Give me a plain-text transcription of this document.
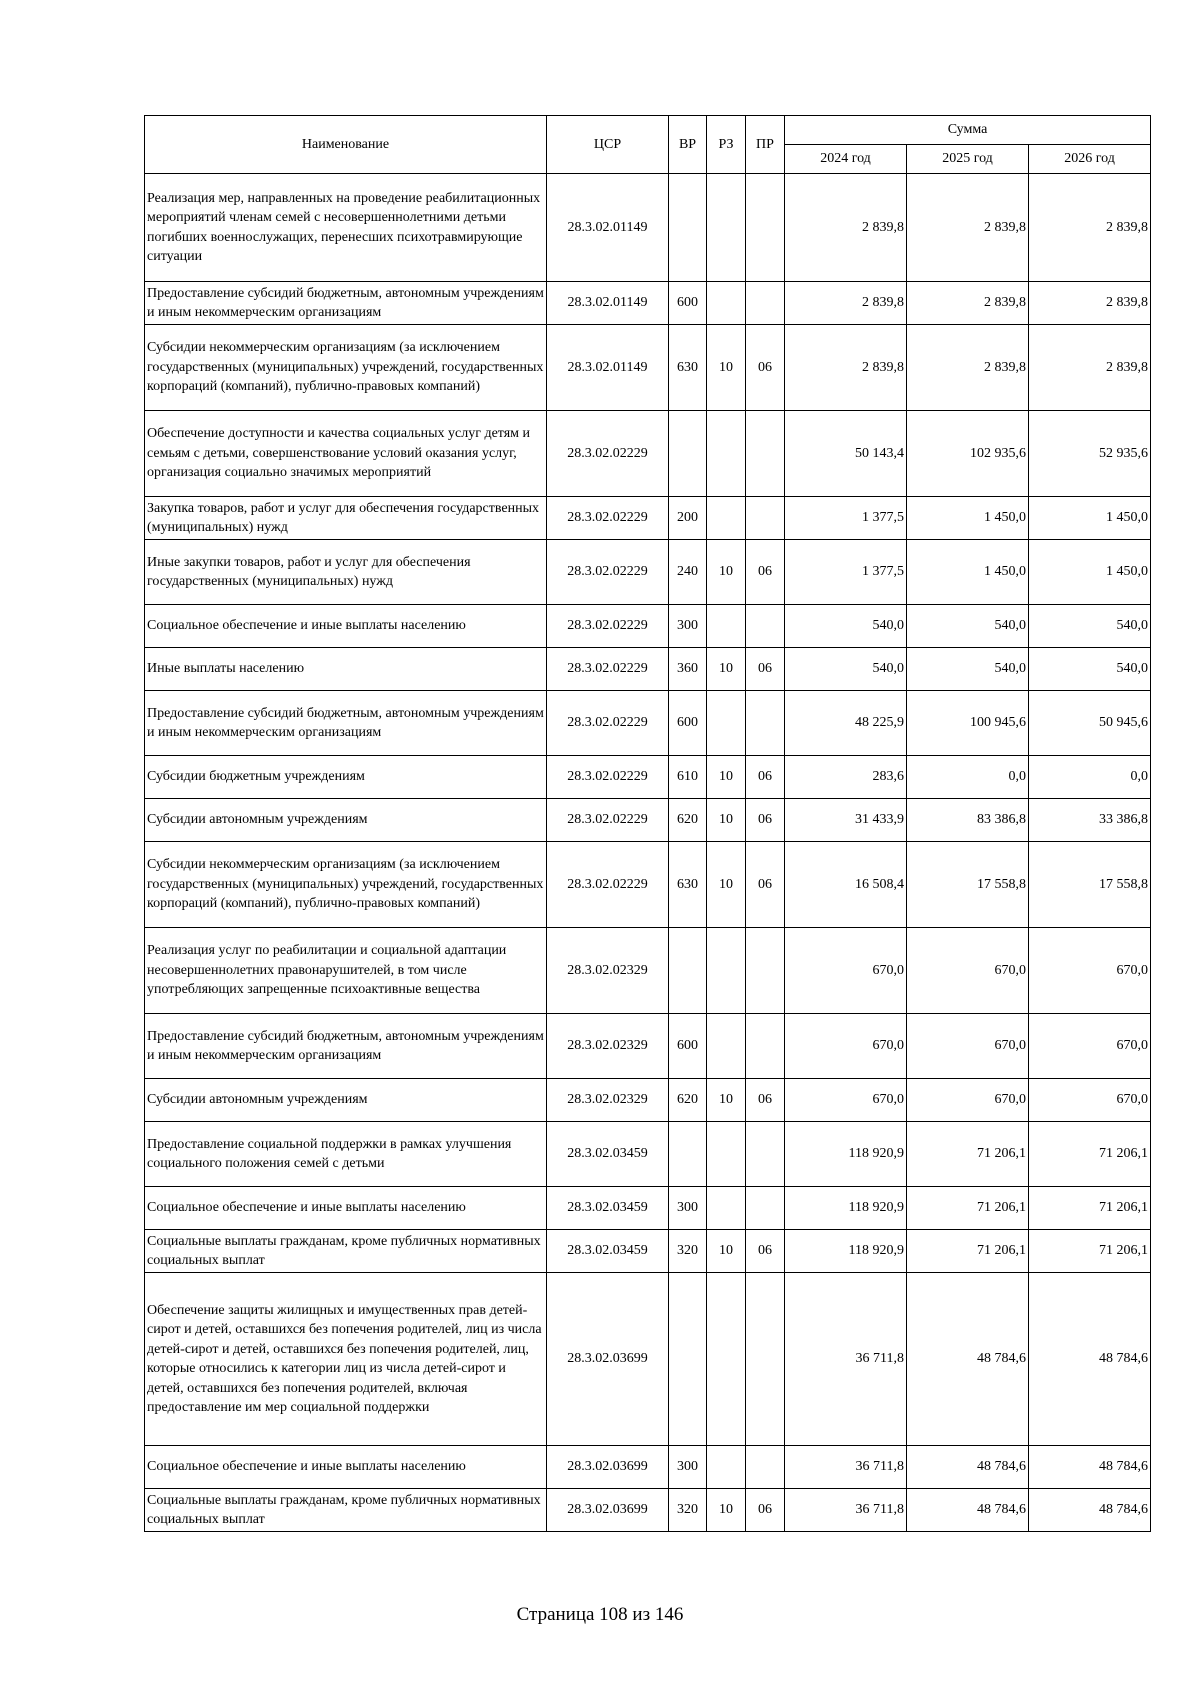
Наименование	ЦСР	ВР	РЗ	ПР	Сумма		
					2024 год	2025 год	2026 год
Реализация мер, направленных на проведение реабилитационных мероприятий членам семей с несовершеннолетними детьми погибших военнослужащих, перенесших психотравмирующие ситуации	28.3.02.01149				2 839,8	2 839,8	2 839,8
Предоставление субсидий бюджетным, автономным учреждениям и иным некоммерческим организациям	28.3.02.01149	600			2 839,8	2 839,8	2 839,8
Субсидии некоммерческим организациям (за исключением государственных (муниципальных) учреждений, государственных корпораций (компаний), публично-правовых компаний)	28.3.02.01149	630	10	06	2 839,8	2 839,8	2 839,8
Обеспечение доступности и качества социальных услуг детям и семьям с детьми, совершенствование условий оказания услуг, организация социально значимых мероприятий	28.3.02.02229				50 143,4	102 935,6	52 935,6
Закупка товаров, работ и услуг для обеспечения государственных (муниципальных) нужд	28.3.02.02229	200			1 377,5	1 450,0	1 450,0
Иные закупки товаров, работ и услуг для обеспечения государственных (муниципальных) нужд	28.3.02.02229	240	10	06	1 377,5	1 450,0	1 450,0
Социальное обеспечение и иные выплаты населению	28.3.02.02229	300			540,0	540,0	540,0
Иные выплаты населению	28.3.02.02229	360	10	06	540,0	540,0	540,0
Предоставление субсидий бюджетным, автономным учреждениям и иным некоммерческим организациям	28.3.02.02229	600			48 225,9	100 945,6	50 945,6
Субсидии бюджетным учреждениям	28.3.02.02229	610	10	06	283,6	0,0	0,0
Субсидии автономным учреждениям	28.3.02.02229	620	10	06	31 433,9	83 386,8	33 386,8
Субсидии некоммерческим организациям (за исключением государственных (муниципальных) учреждений, государственных корпораций (компаний), публично-правовых компаний)	28.3.02.02229	630	10	06	16 508,4	17 558,8	17 558,8
Реализация услуг по реабилитации и социальной адаптации несовершеннолетних правонарушителей, в том числе употребляющих запрещенные психоактивные вещества	28.3.02.02329				670,0	670,0	670,0
Предоставление субсидий бюджетным, автономным учреждениям и иным некоммерческим организациям	28.3.02.02329	600			670,0	670,0	670,0
Субсидии автономным учреждениям	28.3.02.02329	620	10	06	670,0	670,0	670,0
Предоставление социальной поддержки в рамках улучшения социального положения семей с детьми	28.3.02.03459				118 920,9	71 206,1	71 206,1
Социальное обеспечение и иные выплаты населению	28.3.02.03459	300			118 920,9	71 206,1	71 206,1
Социальные выплаты гражданам, кроме публичных нормативных социальных выплат	28.3.02.03459	320	10	06	118 920,9	71 206,1	71 206,1
Обеспечение защиты жилищных и имущественных прав детей-сирот и детей, оставшихся без попечения родителей, лиц из числа детей-сирот и детей, оставшихся без попечения родителей, лиц, которые относились к категории лиц из числа детей-сирот и детей, оставшихся без попечения родителей, включая предоставление им мер социальной поддержки	28.3.02.03699				36 711,8	48 784,6	48 784,6
Социальное обеспечение и иные выплаты населению	28.3.02.03699	300			36 711,8	48 784,6	48 784,6
Социальные выплаты гражданам, кроме публичных нормативных социальных выплат	28.3.02.03699	320	10	06	36 711,8	48 784,6	48 784,6
Страница 108 из 146
